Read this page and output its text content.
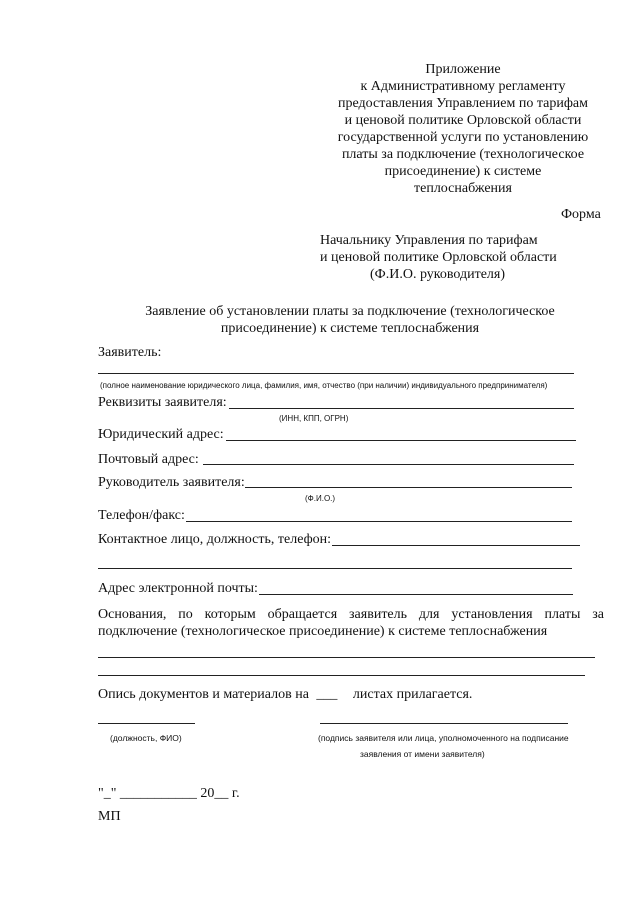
Приложение
к Административному регламенту
предоставления Управлением по тарифам
и ценовой политике Орловской области
государственной услуги по установлению
платы за подключение (технологическое
присоединение) к системе
теплоснабжения
Форма
Начальнику Управления по тарифам
и ценовой политике Орловской области
(Ф.И.О. руководителя)
Заявление об установлении платы за подключение (технологическое
присоединение) к системе теплоснабжения
Заявитель:
(полное наименование юридического лица, фамилия, имя, отчество (при наличии) индивидуального предпринимателя)
Реквизиты заявителя:
(ИНН, КПП, ОГРН)
Юридический адрес:
Почтовый адрес:
Руководитель заявителя:
(Ф.И.О.)
Телефон/факс:
Контактное лицо, должность, телефон:
Адрес электронной почты:
Основания, по которым обращается заявитель для установления платы за
подключение (технологическое присоединение) к системе теплоснабжения
Опись документов и материалов на ___ листах прилагается.
(должность, ФИО)	(подпись заявителя или лица, уполномоченного на подписание
заявления от имени заявителя)
"_" ___________ 20__ г.
МП
